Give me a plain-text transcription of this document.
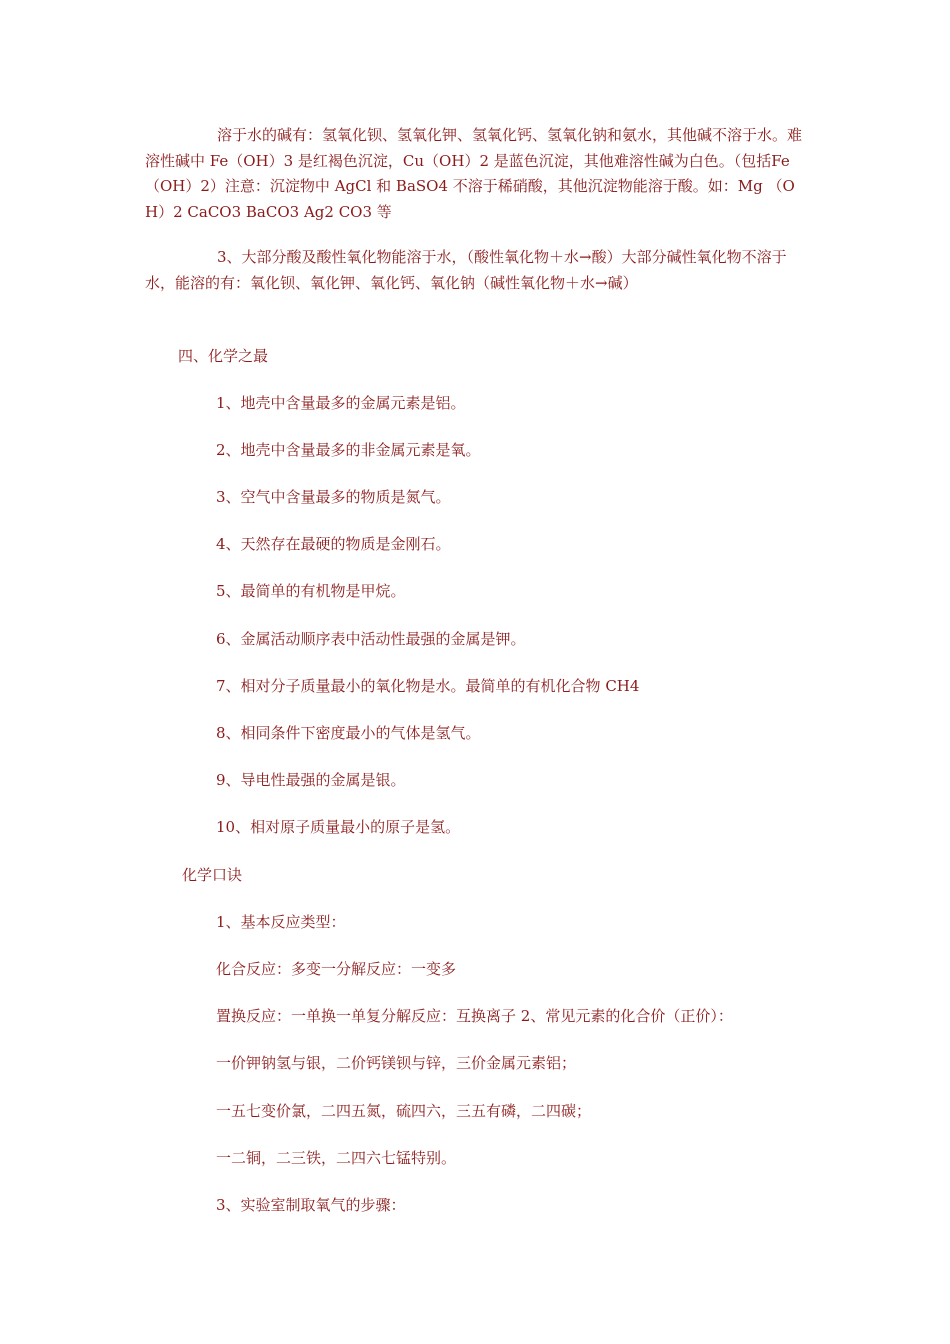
溶于水的碱有：氢氧化钡、氢氧化钾、氢氧化钙、氢氧化钠和氨水，其他碱不溶于水。难溶性碱中 Fe（OH）3 是红褐色沉淀，Cu（OH）2 是蓝色沉淀，其他难溶性碱为白色。（包括Fe（OH）2）注意：沉淀物中 AgCl 和 BaSO4 不溶于稀硝酸，其他沉淀物能溶于酸。如：Mg （OH）2 CaCO3 BaCO3 Ag2 CO3 等

3、大部分酸及酸性氧化物能溶于水，（酸性氧化物＋水→酸）大部分碱性氧化物不溶于水，能溶的有：氧化钡、氧化钾、氧化钙、氧化钠（碱性氧化物＋水→碱）

四、化学之最
1、地壳中含量最多的金属元素是铝。
2、地壳中含量最多的非金属元素是氧。
3、空气中含量最多的物质是氮气。
4、天然存在最硬的物质是金刚石。
5、最简单的有机物是甲烷。
6、金属活动顺序表中活动性最强的金属是钾。
7、相对分子质量最小的氧化物是水。最简单的有机化合物 CH4
8、相同条件下密度最小的气体是氢气。
9、导电性最强的金属是银。
10、相对原子质量最小的原子是氢。
化学口诀
1、基本反应类型：
化合反应：多变一分解反应：一变多
置换反应：一单换一单复分解反应：互换离子 2、常见元素的化合价（正价）：
一价钾钠氢与银，二价钙镁钡与锌，三价金属元素铝；
一五七变价氯，二四五氮，硫四六，三五有磷，二四碳；
一二铜，二三铁，二四六七锰特别。
3、实验室制取氧气的步骤：
